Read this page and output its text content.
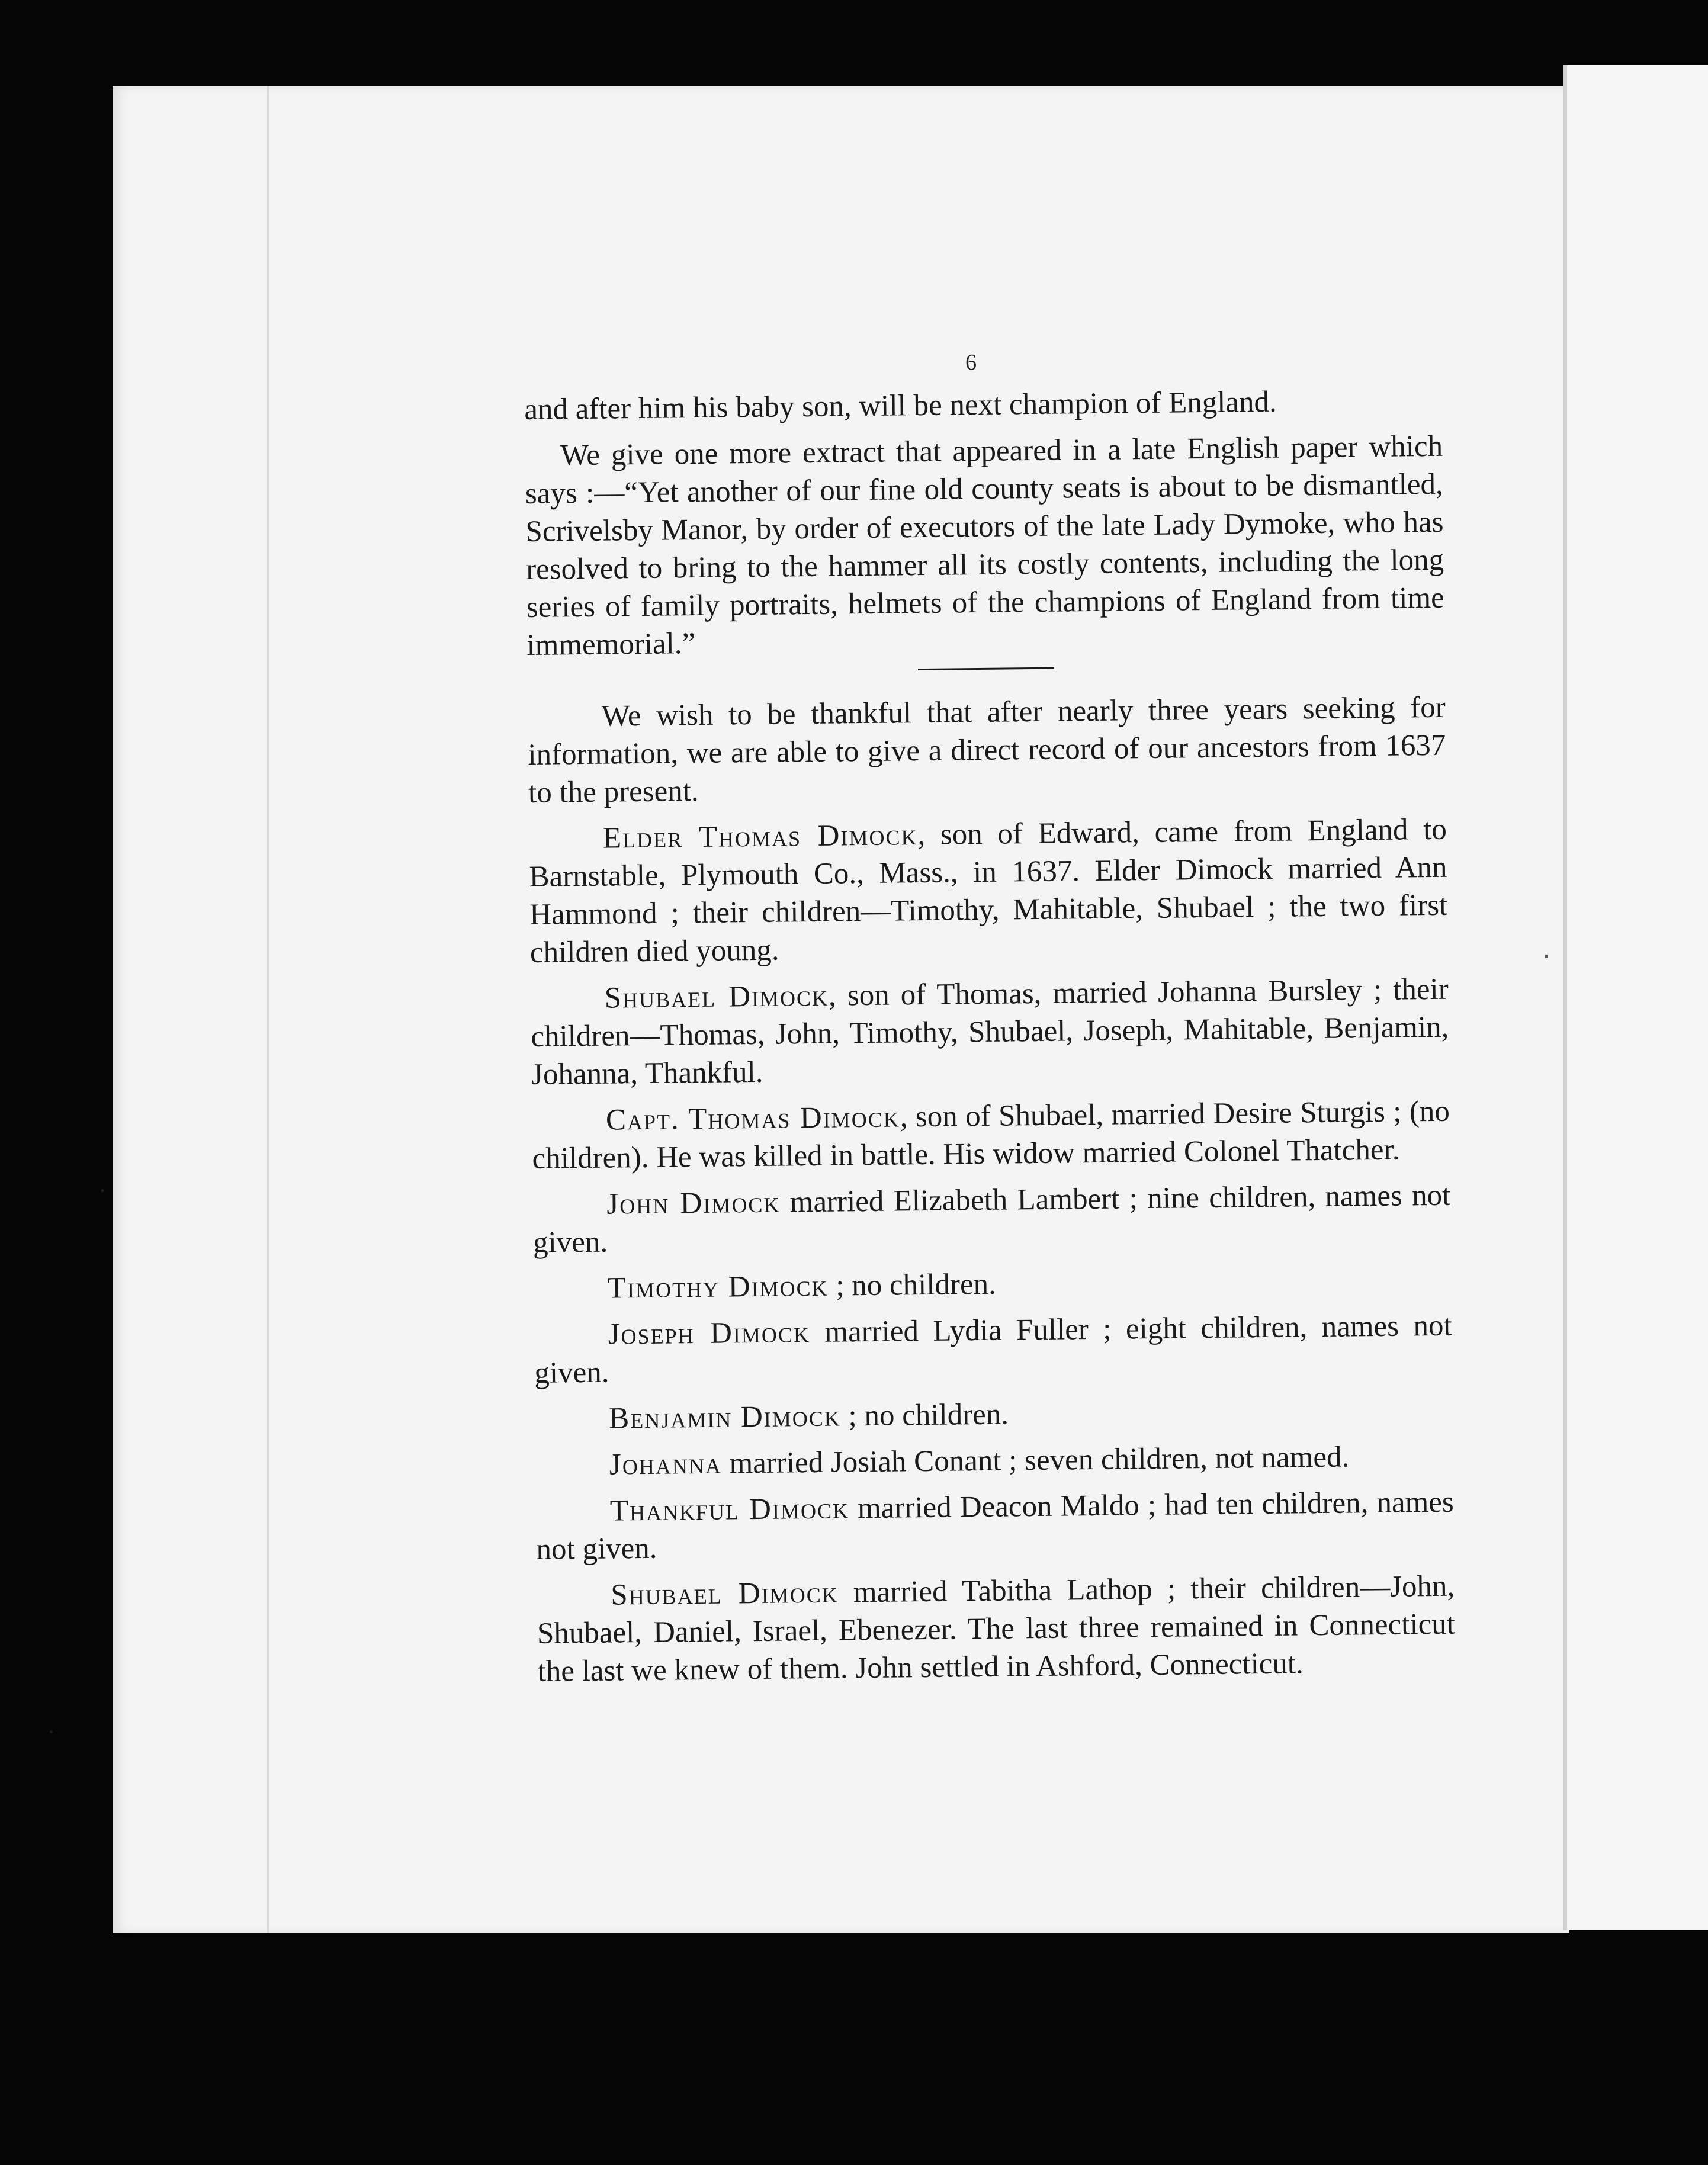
6

and after him his baby son, will be next champion of England.

We give one more extract that appeared in a late English paper which says :—“Yet another of our fine old county seats is about to be dismantled, Scrivelsby Manor, by order of executors of the late Lady Dymoke, who has resolved to bring to the hammer all its costly contents, including the long series of family portraits, helmets of the champions of England from time immemorial.”

We wish to be thankful that after nearly three years seeking for information, we are able to give a direct record of our ancestors from 1637 to the present.

Elder Thomas Dimock, son of Edward, came from England to Barnstable, Plymouth Co., Mass., in 1637. Elder Dimock married Ann Hammond ; their children—Timothy, Mahitable, Shubael ; the two first children died young.

Shubael Dimock, son of Thomas, married Johanna Bursley ; their children—Thomas, John, Timothy, Shubael, Joseph, Mahitable, Benjamin, Johanna, Thankful.

Capt. Thomas Dimock, son of Shubael, married Desire Sturgis ; (no children). He was killed in battle. His widow married Colonel Thatcher.

John Dimock married Elizabeth Lambert ; nine children, names not given.

Timothy Dimock ; no children.

Joseph Dimock married Lydia Fuller ; eight children, names not given.

Benjamin Dimock ; no children.

Johanna married Josiah Conant ; seven children, not named.

Thankful Dimock married Deacon Maldo ; had ten children, names not given.

Shubael Dimock married Tabitha Lathop ; their children—John, Shubael, Daniel, Israel, Ebenezer. The last three remained in Connecticut the last we knew of them. John settled in Ashford, Connecticut.
